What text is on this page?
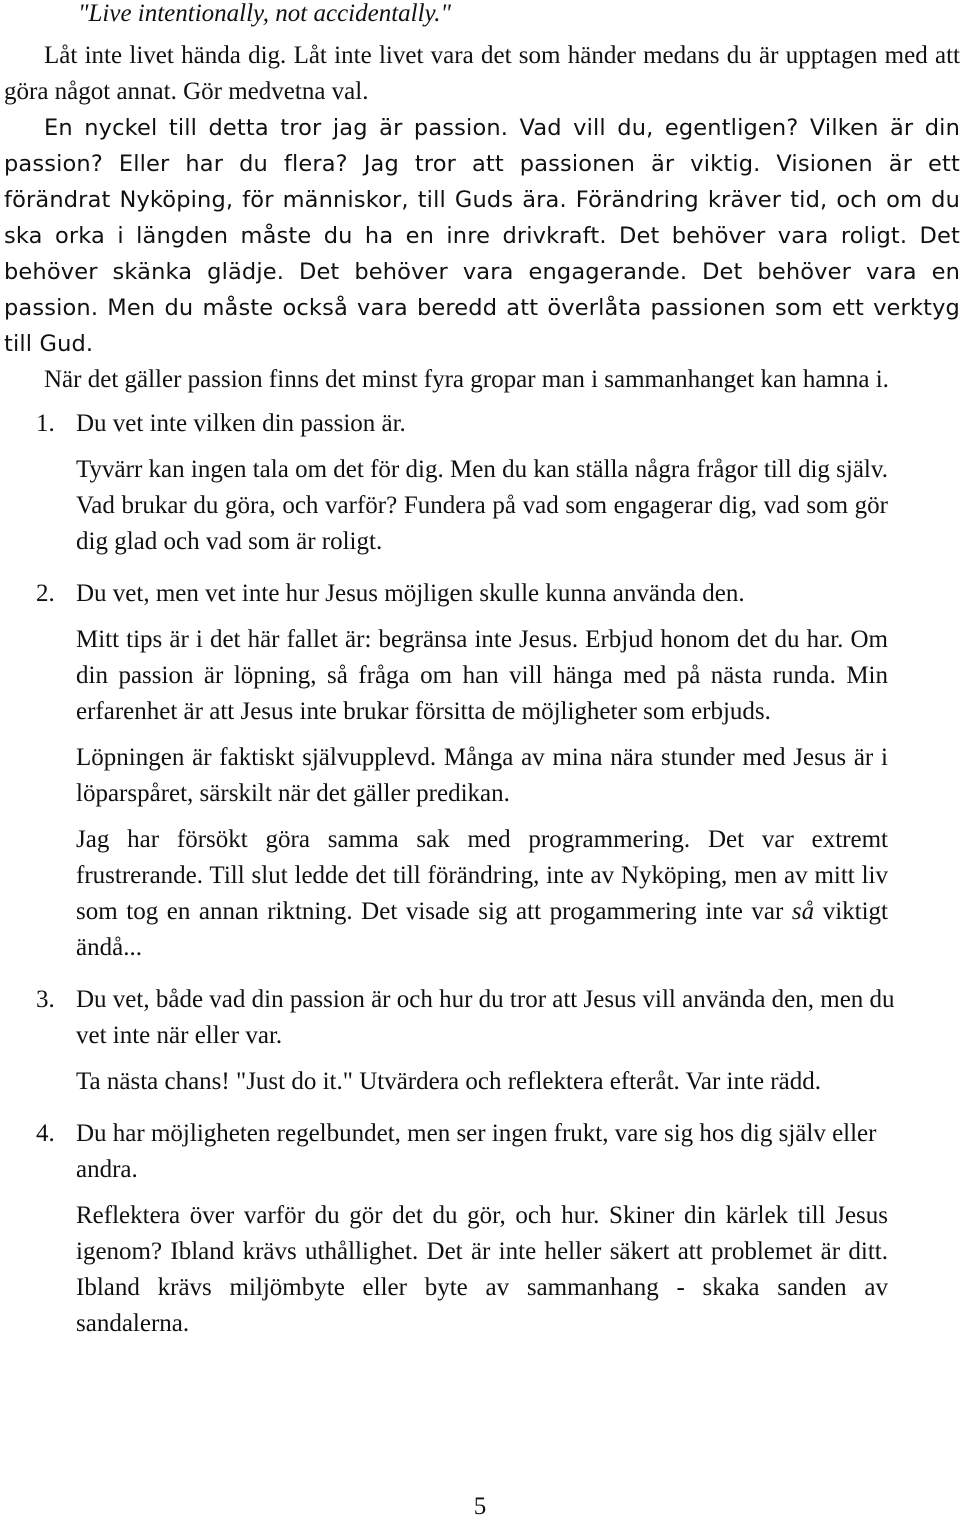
"Live intentionally, not accidentally."

Låt inte livet hända dig. Låt inte livet vara det som händer medans du är upptagen med att göra något annat. Gör medvetna val.

En nyckel till detta tror jag är passion. Vad vill du, egentligen? Vilken är din passion? Eller har du flera? Jag tror att passionen är viktig. Visionen är ett förändrat Nyköping, för människor, till Guds ära. Förändring kräver tid, och om du ska orka i längden måste du ha en inre drivkraft. Det behöver vara roligt. Det behöver skänka glädje. Det behöver vara engagerande. Det behöver vara en passion. Men du måste också vara beredd att överlåta passionen som ett verktyg till Gud.

När det gäller passion finns det minst fyra gropar man i sammanhanget kan hamna i.

1. Du vet inte vilken din passion är.

Tyvärr kan ingen tala om det för dig. Men du kan ställa några frågor till dig själv. Vad brukar du göra, och varför? Fundera på vad som engagerar dig, vad som gör dig glad och vad som är roligt.

2. Du vet, men vet inte hur Jesus möjligen skulle kunna använda den.

Mitt tips är i det här fallet är: begränsa inte Jesus. Erbjud honom det du har. Om din passion är löpning, så fråga om han vill hänga med på nästa runda. Min erfarenhet är att Jesus inte brukar försitta de möjligheter som erbjuds.

Löpningen är faktiskt självupplevd. Många av mina nära stunder med Jesus är i löparspåret, särskilt när det gäller predikan.

Jag har försökt göra samma sak med programmering. Det var extremt frustrerande. Till slut ledde det till förändring, inte av Nyköping, men av mitt liv som tog en annan riktning. Det visade sig att progammering inte var så viktigt ändå...

3. Du vet, både vad din passion är och hur du tror att Jesus vill använda den, men du vet inte när eller var.

Ta nästa chans! "Just do it." Utvärdera och reflektera efteråt. Var inte rädd.

4. Du har möjligheten regelbundet, men ser ingen frukt, vare sig hos dig själv eller andra.

Reflektera över varför du gör det du gör, och hur. Skiner din kärlek till Jesus igenom? Ibland krävs uthållighet. Det är inte heller säkert att problemet är ditt. Ibland krävs miljömbyte eller byte av sammanhang - skaka sanden av sandalerna.

5
